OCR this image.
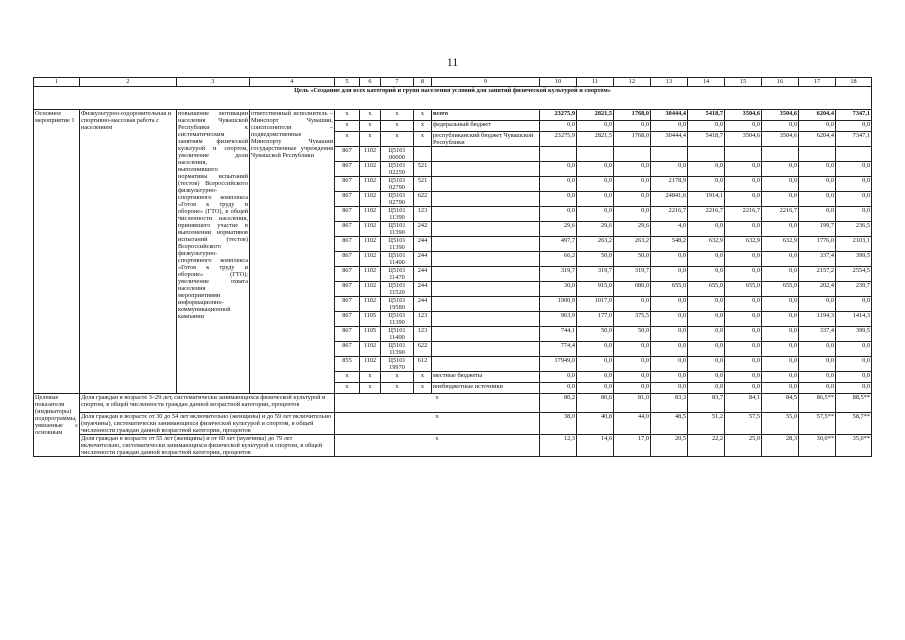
11
1	2	3	4	5	6	7	8	9	10	11	12	13	14	15	16	17	18
Цель «Создание для всех категорий и групп населения условий для занятий физической культурой и спортом»																	
Основное мероприятие 1	Физкультурно-оздоровительная и спортивно-массовая работа с населением	повышение мотивации населения Чувашской Республики к систематическим занятиям физической культурой и спортом, увеличение доли населения, выполнившего нормативы испытаний (тестов) Всероссийского физкультурно-спортивного комплекса «Готов к труду и обороне» (ГТО), в общей численности населения, принявшего участие в выполнении нормативов испытаний (тестов) Всероссийского физкультурно-спортивного комплекса «Готов к труду и обороне» (ГТО); увеличение охвата населения мероприятиями информационно-коммуникационной кампании	ответственный исполнитель – Минспорт Чувашии, соисполнители – подведомственные Минспорту Чувашии государственные учреждения Чувашской Республики	x	x	x	x	всего	23275,9	2821,5	1768,0	30444,4	5418,7	3504,6	3504,6	6204,4	7347,1
				x	x	x	x	федеральный бюджет	0,0	0,0	0,0	0,0	0,0	0,0	0,0	0,0	0,0
				x	x	x	x	республиканский бюджет Чувашской Республики	23275,9	2821,5	1768,0	30444,4	5418,7	3504,6	3504,6	6204,4	7347,1
				867	1102	Ц5101 00000											
				867	1102	Ц5101 02250	521		0,0	0,0	0,0	0,0	0,0	0,0	0,0	0,0	0,0
				867	1102	Ц5101 02790	521		0,0	0,0	0,0	2178,9	0,0	0,0	0,0	0,0	0,0
				867	1102	Ц5101 02790	622		0,0	0,0	0,0	24841,6	1914,1	0,0	0,0	0,0	0,0
				867	1102	Ц5101 11390	123		0,0	0,0	0,0	2216,7	2216,7	2216,7	2216,7	0,0	0,0
				867	1102	Ц5101 11390	242		29,6	29,6	29,6	4,0	0,0	0,0	0,0	199,7	236,5
				867	1102	Ц5101 11390	244		497,7	263,2	263,2	548,2	632,9	632,9	632,9	1776,0	2103,1
				867	1102	Ц5101 11400	244		66,2	50,0	50,0	0,0	0,0	0,0	0,0	337,4	399,5
				867	1102	Ц5101 11470	244		319,7	319,7	319,7	0,0	0,0	0,0	0,0	2157,2	2554,5
				867	1102	Ц5101 11520	244		30,0	915,0	680,0	655,0	655,0	655,0	655,0	202,4	239,7
				867	1102	Ц5101 19580	244		1900,9	1017,0	0,0	0,0	0,0	0,0	0,0	0,0	0,0
				867	1105	Ц5101 11390	123		963,9	177,0	375,5	0,0	0,0	0,0	0,0	1194,3	1414,3
				867	1105	Ц5101 11400	123		744,1	50,0	50,0	0,0	0,0	0,0	0,0	337,4	399,5
				867	1102	Ц5101 11390	622		774,4	0,0	0,0	0,0	0,0	0,0	0,0	0,0	0,0
				855	1102	Ц5101 19970	612		17949,0	0,0	0,0	0,0	0,0	0,0	0,0	0,0	0,0
				x	x	x	x	местные бюджеты	0,0	0,0	0,0	0,0	0,0	0,0	0,0	0,0	0,0
				x	x	x	x	внебюджетные источники	0,0	0,0	0,0	0,0	0,0	0,0	0,0	0,0	0,0
Целевые показатели (индикаторы) подпрограммы, увязанные с основным	Доля граждан в возрасте 3–29 лет, систематически занимающихся физической культурой и спортом, в общей численности граждан данной возрастной категории, процентов			x					80,2	80,6	81,0	83,3	83,7	84,1	84,5	86,5**	88,5**
	Доля граждан в возрасте от 30 до 54 лет включительно (женщины) и до 59 лет включительно (мужчины), систематически занимающихся физической культурой и спортом, в общей численности граждан данной возрастной категории, процентов			x					38,0	40,8	44,0	48,5	51,2	57,5	55,0	57,5**	58,7**
	Доля граждан в возрасте от 55 лет (женщины) и от 60 лет (мужчины) до 79 лет включительно, систематически занимающихся физической культурой и спортом, в общей численности граждан данной возрастной категории, процентов			x					12,3	14,6	17,0	20,5	22,2	25,0	28,3	30,0**	35,0**
